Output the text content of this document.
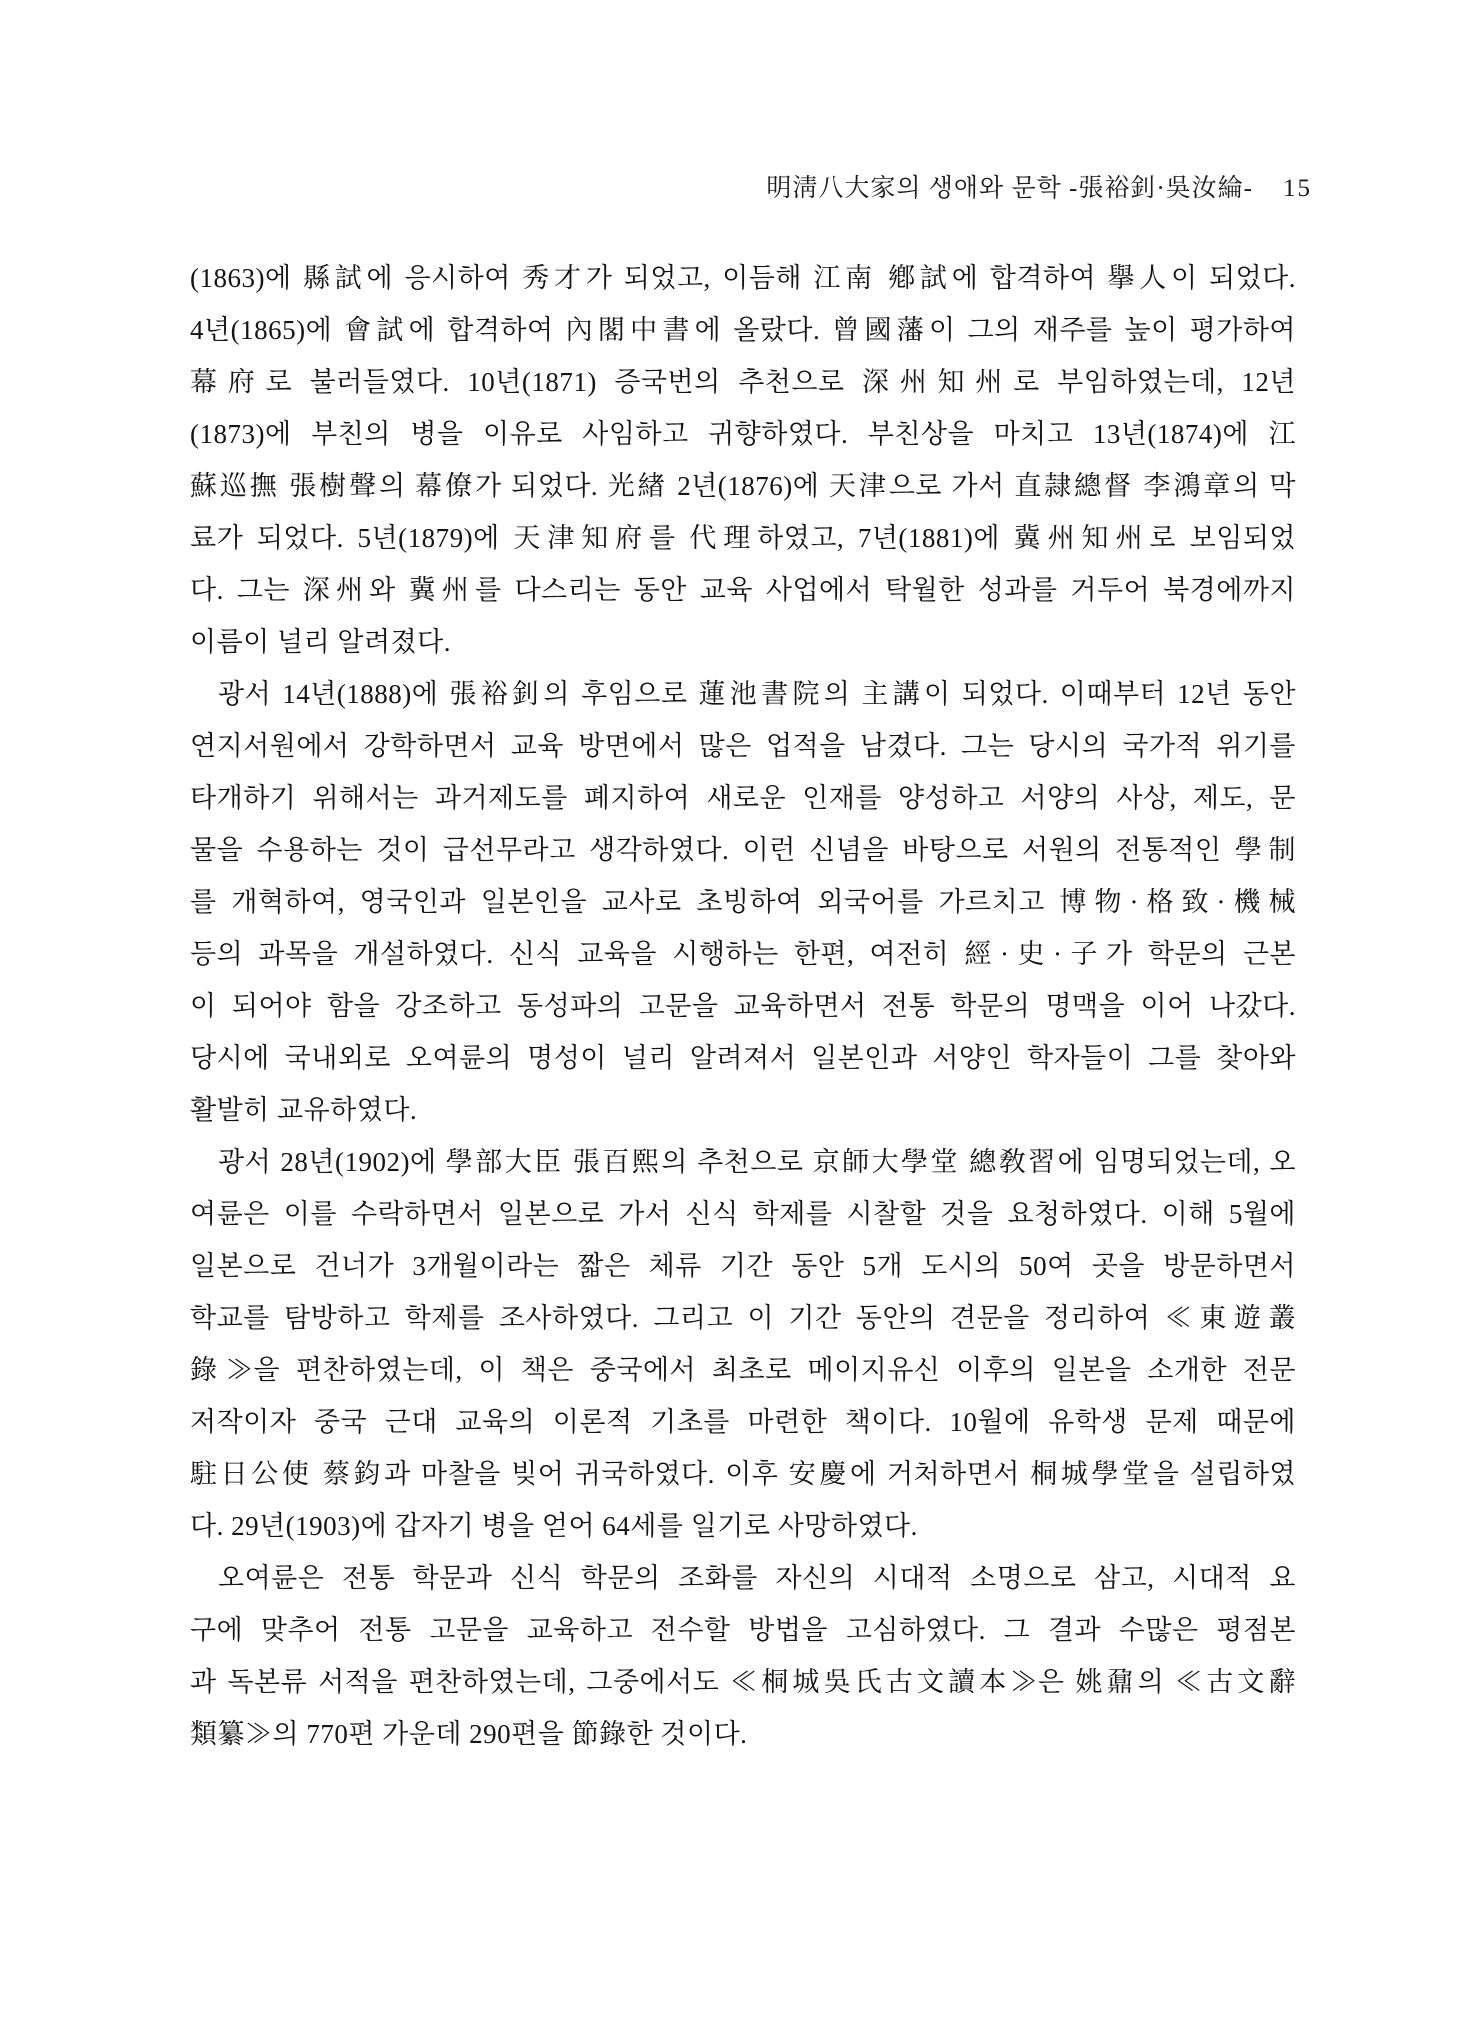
明淸八大家의 생애와 문학 -張裕釗·吳汝綸- 15
(1863)에 縣試에 응시하여 秀才가 되었고, 이듬해 江南 鄕試에 합격하여 擧人이 되었다.
4년(1865)에 會試에 합격하여 內閣中書에 올랐다. 曾國藩이 그의 재주를 높이 평가하여
幕府로 불러들였다. 10년(1871) 증국번의 추천으로 深州知州로 부임하였는데, 12년
(1873)에 부친의 병을 이유로 사임하고 귀향하였다. 부친상을 마치고 13년(1874)에 江
蘇巡撫 張樹聲의 幕僚가 되었다. 光緖 2년(1876)에 天津으로 가서 直隷總督 李鴻章의 막
료가 되었다. 5년(1879)에 天津知府를 代理하였고, 7년(1881)에 冀州知州로 보임되었
다. 그는 深州와 冀州를 다스리는 동안 교육 사업에서 탁월한 성과를 거두어 북경에까지
이름이 널리 알려졌다.
광서 14년(1888)에 張裕釗의 후임으로 蓮池書院의 主講이 되었다. 이때부터 12년 동안
연지서원에서 강학하면서 교육 방면에서 많은 업적을 남겼다. 그는 당시의 국가적 위기를
타개하기 위해서는 과거제도를 폐지하여 새로운 인재를 양성하고 서양의 사상, 제도, 문
물을 수용하는 것이 급선무라고 생각하였다. 이런 신념을 바탕으로 서원의 전통적인 學制
를 개혁하여, 영국인과 일본인을 교사로 초빙하여 외국어를 가르치고 博物·格致·機械
등의 과목을 개설하였다. 신식 교육을 시행하는 한편, 여전히 經·史·子가 학문의 근본
이 되어야 함을 강조하고 동성파의 고문을 교육하면서 전통 학문의 명맥을 이어 나갔다.
당시에 국내외로 오여륜의 명성이 널리 알려져서 일본인과 서양인 학자들이 그를 찾아와
활발히 교유하였다.
광서 28년(1902)에 學部大臣 張百熙의 추천으로 京師大學堂 總敎習에 임명되었는데, 오
여륜은 이를 수락하면서 일본으로 가서 신식 학제를 시찰할 것을 요청하였다. 이해 5월에
일본으로 건너가 3개월이라는 짧은 체류 기간 동안 5개 도시의 50여 곳을 방문하면서
학교를 탐방하고 학제를 조사하였다. 그리고 이 기간 동안의 견문을 정리하여 ≪東遊叢
錄≫을 편찬하였는데, 이 책은 중국에서 최초로 메이지유신 이후의 일본을 소개한 전문
저작이자 중국 근대 교육의 이론적 기초를 마련한 책이다. 10월에 유학생 문제 때문에
駐日公使 蔡鈞과 마찰을 빚어 귀국하였다. 이후 安慶에 거처하면서 桐城學堂을 설립하였
다. 29년(1903)에 갑자기 병을 얻어 64세를 일기로 사망하였다.
오여륜은 전통 학문과 신식 학문의 조화를 자신의 시대적 소명으로 삼고, 시대적 요
구에 맞추어 전통 고문을 교육하고 전수할 방법을 고심하였다. 그 결과 수많은 평점본
과 독본류 서적을 편찬하였는데, 그중에서도 ≪桐城吳氏古文讀本≫은 姚鼐의 ≪古文辭
類纂≫의 770편 가운데 290편을 節錄한 것이다.
